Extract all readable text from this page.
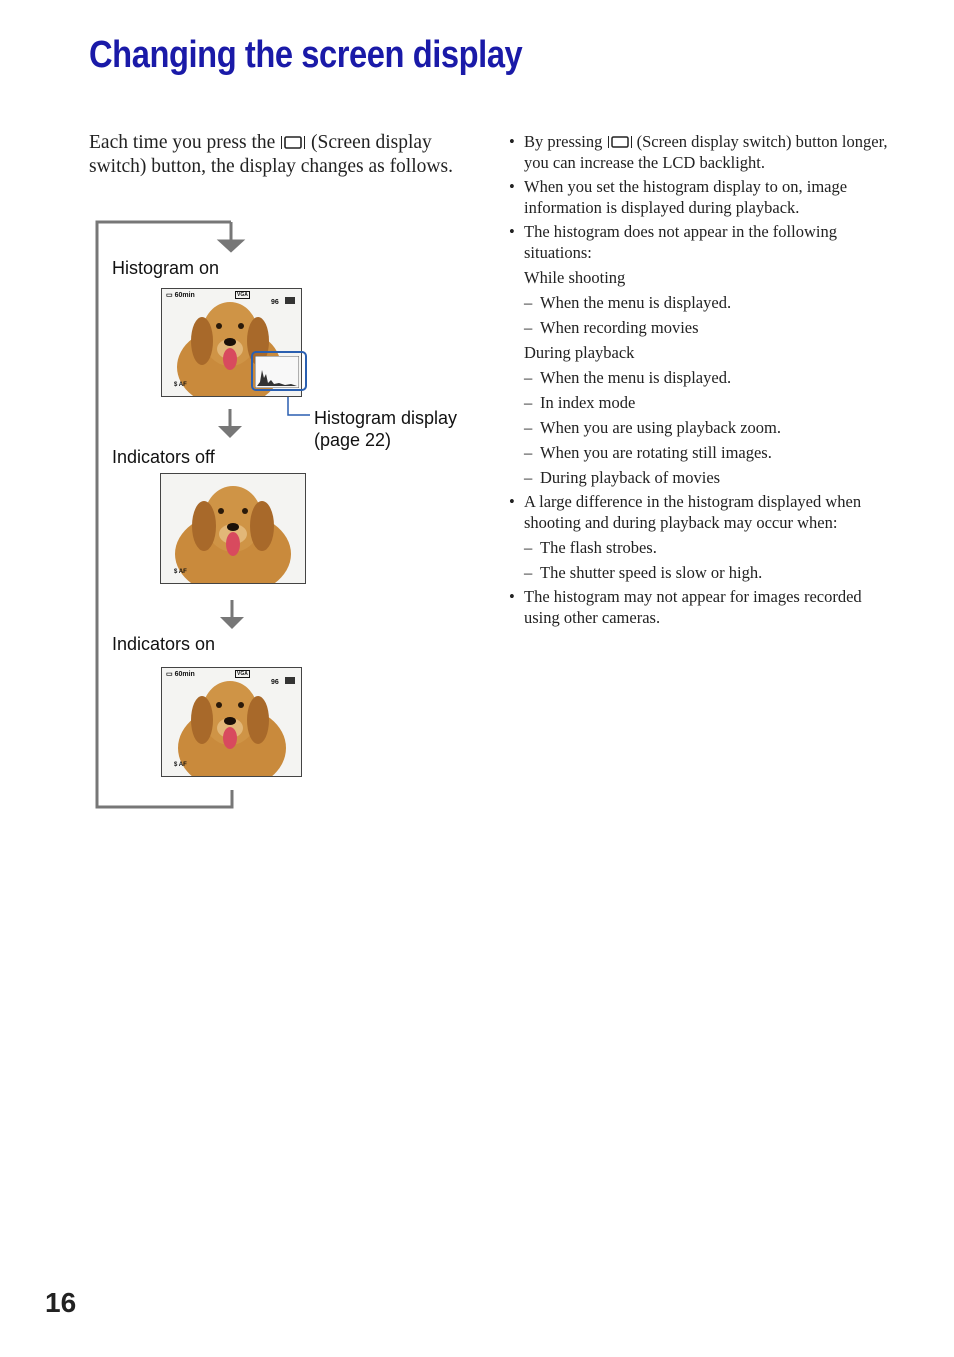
Changing the screen display
Each time you press the (Screen display switch) button, the display changes as follows.
Histogram on
Indicators off
Indicators on
Histogram display
(page 22)
▭ 60min	VGA
96
$ AF
$ AF
▭ 60min	VGA
96
$ AF
• By pressing (Screen display switch) button longer, you can increase the LCD backlight.
• When you set the histogram display to on, image information is displayed during playback.
• The histogram does not appear in the following situations:
While shooting
– When the menu is displayed.
– When recording movies
During playback
– When the menu is displayed.
– In index mode
– When you are using playback zoom.
– When you are rotating still images.
– During playback of movies
• A large difference in the histogram displayed when shooting and during playback may occur when:
– The flash strobes.
– The shutter speed is slow or high.
• The histogram may not appear for images recorded using other cameras.
16
